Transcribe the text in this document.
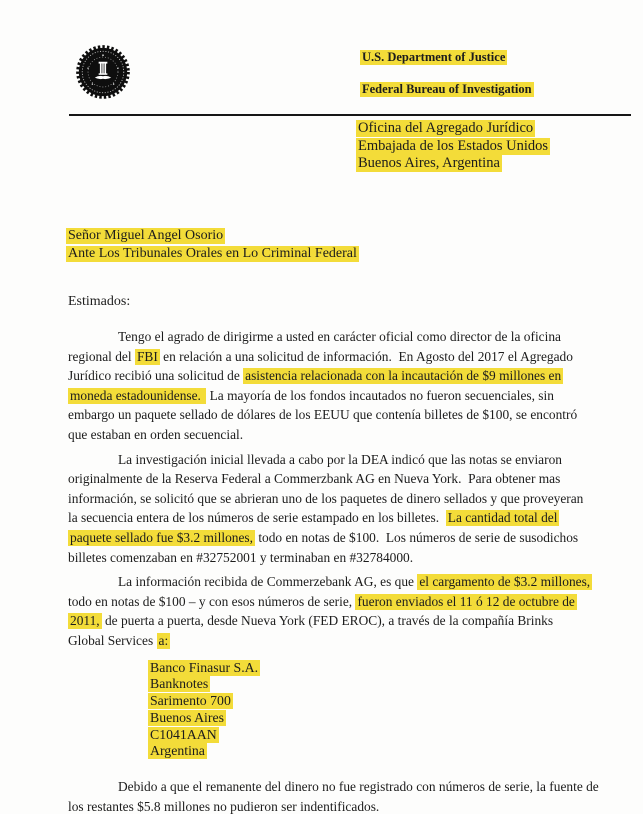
U.S. Department of Justice
Federal Bureau of Investigation
Oficina del Agregado Jurídico
Embajada de los Estados Unidos
Buenos Aires, Argentina
Señor Miguel Angel Osorio
Ante Los Tribunales Orales en Lo Criminal Federal
Estimados:
Tengo el agrado de dirigirme a usted en carácter oficial como director de la oficina
regional del FBI en relación a una solicitud de información.  En Agosto del 2017 el Agregado
Jurídico recibió una solicitud de asistencia relacionada con la incautación de $9 millones en
moneda estadounidense.  La mayoría de los fondos incautados no fueron secuenciales, sin
embargo un paquete sellado de dólares de los EEUU que contenía billetes de $100, se encontró
que estaban en orden secuencial.
La investigación inicial llevada a cabo por la DEA indicó que las notas se enviaron
originalmente de la Reserva Federal a Commerzbank AG en Nueva York.  Para obtener mas
información, se solicitó que se abrieran uno de los paquetes de dinero sellados y que proveyeran
la secuencia entera de los números de serie estampado en los billetes.  La cantidad total del
paquete sellado fue $3.2 millones, todo en notas de $100.  Los números de serie de susodichos
billetes comenzaban en #32752001 y terminaban en #32784000.
La información recibida de Commerzebank AG, es que el cargamento de $3.2 millones,
todo en notas de $100 – y con esos números de serie, fueron enviados el 11 ó 12 de octubre de
2011, de puerta a puerta, desde Nueva York (FED EROC), a través de la compañía Brinks
Global Services a:
Banco Finasur S.A.
Banknotes
Sarimento 700
Buenos Aires
C1041AAN
Argentina
Debido a que el remanente del dinero no fue registrado con números de serie, la fuente de
los restantes $5.8 millones no pudieron ser indentificados.
